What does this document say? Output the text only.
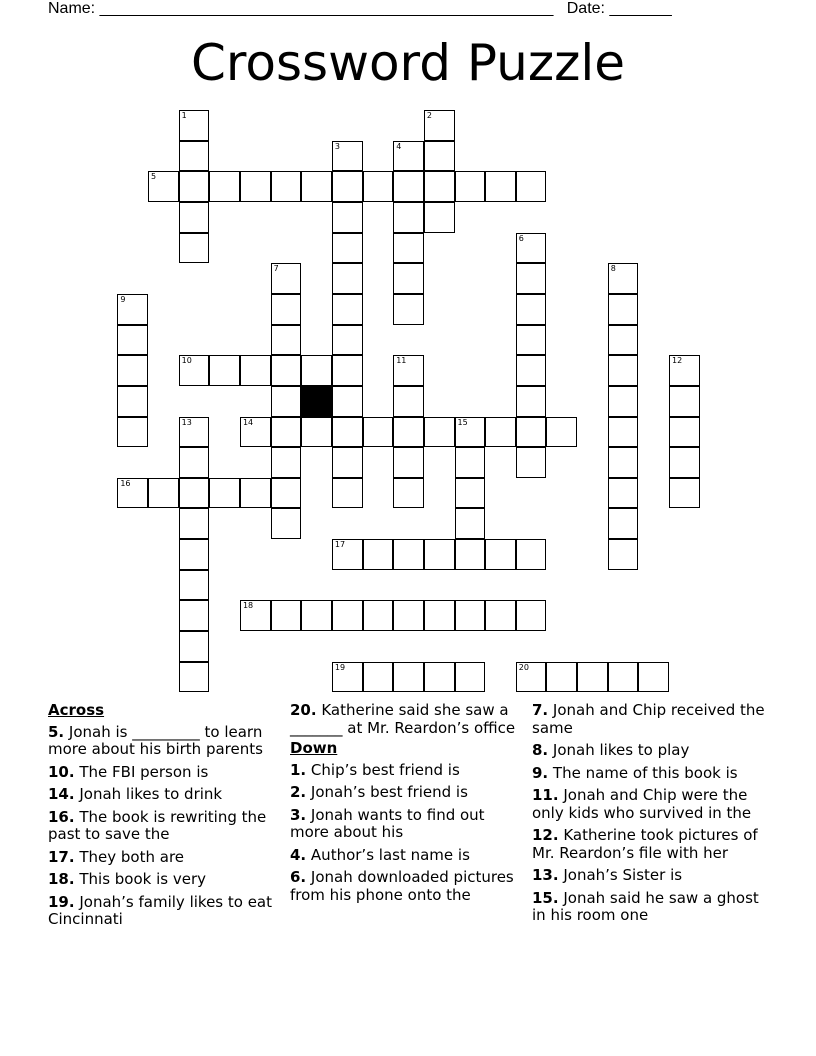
Name: ___________________________________________________ Date: _______
Crossword Puzzle
1	2
3	4
5
6
7	8
9
10	11	12
13	14	15
16
17
18
19	20
Across
5. Jonah is _________ to learn more about his birth parents
10. The FBI person is
14. Jonah likes to drink
16. The book is rewriting the past to save the
17. They both are
18. This book is very
19. Jonah’s family likes to eat Cincinnati
20. Katherine said she saw a _______ at Mr. Reardon’s office
Down
1. Chip’s best friend is
2. Jonah’s best friend is
3. Jonah wants to find out more about his
4. Author’s last name is
6. Jonah downloaded pictures from his phone onto the
7. Jonah and Chip received the same
8. Jonah likes to play
9. The name of this book is
11. Jonah and Chip were the only kids who survived in the
12. Katherine took pictures of Mr. Reardon’s file with her
13. Jonah’s Sister is
15. Jonah said he saw a ghost in his room one
